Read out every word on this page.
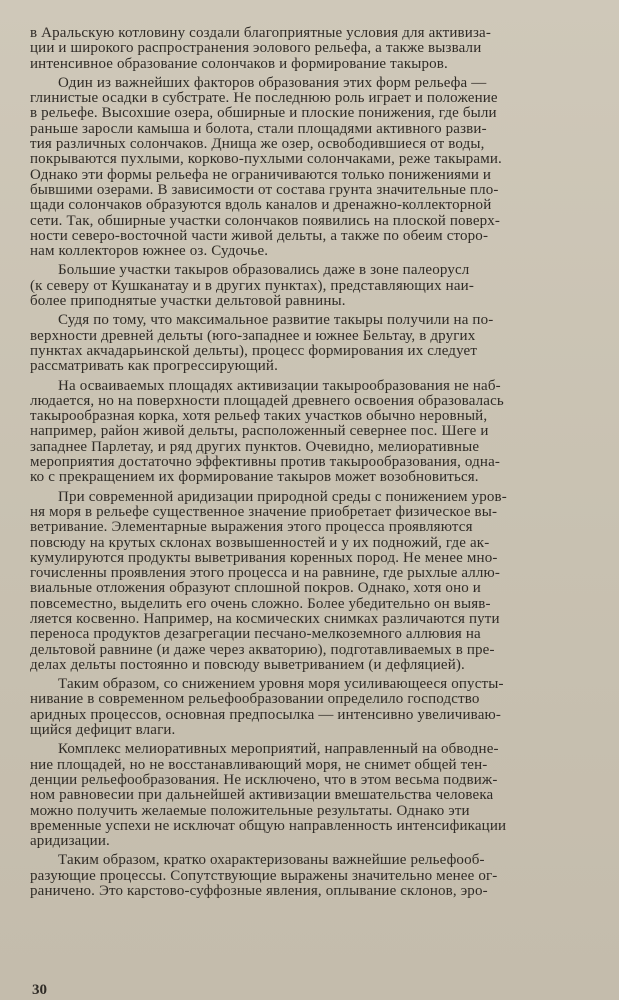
в Аральскую котловину создали благоприятные условия для активиза-
ции и широкого распространения эолового рельефа, а также вызвали
интенсивное образование солончаков и формирование такыров.
Один из важнейших факторов образования этих форм рельефа —
глинистые осадки в субстрате. Не последнюю роль играет и положение
в рельефе. Высохшие озера, обширные и плоские понижения, где были
раньше заросли камыша и болота, стали площадями активного разви-
тия различных солончаков. Днища же озер, освободившиеся от воды,
покрываются пухлыми, корково-пухлыми солончаками, реже такырами.
Однако эти формы рельефа не ограничиваются только понижениями и
бывшими озерами. В зависимости от состава грунта значительные пло-
щади солончаков образуются вдоль каналов и дренажно-коллекторной
сети. Так, обширные участки солончаков появились на плоской поверх-
ности северо-восточной части живой дельты, а также по обеим сторо-
нам коллекторов южнее оз. Судочье.
Большие участки такыров образовались даже в зоне палеорусл
(к северу от Кушканатау и в других пунктах), представляющих наи-
более приподнятые участки дельтовой равнины.
Судя по тому, что максимальное развитие такыры получили на по-
верхности древней дельты (юго-западнее и южнее Бельтау, в других
пунктах акчадарьинской дельты), процесс формирования их следует
рассматривать как прогрессирующий.
На осваиваемых площадях активизации такырообразования не наб-
людается, но на поверхности площадей древнего освоения образовалась
такырообразная корка, хотя рельеф таких участков обычно неровный,
например, район живой дельты, расположенный севернее пос. Шеге и
западнее Парлетау, и ряд других пунктов. Очевидно, мелиоративные
мероприятия достаточно эффективны против такырообразования, одна-
ко с прекращением их формирование такыров может возобновиться.
При современной аридизации природной среды с понижением уров-
ня моря в рельефе существенное значение приобретает физическое вы-
ветривание. Элементарные выражения этого процесса проявляются
повсюду на крутых склонах возвышенностей и у их подножий, где ак-
кумулируются продукты выветривания коренных пород. Не менее мно-
гочисленны проявления этого процесса и на равнине, где рыхлые аллю-
виальные отложения образуют сплошной покров. Однако, хотя оно и
повсеместно, выделить его очень сложно. Более убедительно он выяв-
ляется косвенно. Например, на космических снимках различаются пути
переноса продуктов дезагрегации песчано-мелкоземного аллювия на
дельтовой равнине (и даже через акваторию), подготавливаемых в пре-
делах дельты постоянно и повсюду выветриванием (и дефляцией).
Таким образом, со снижением уровня моря усиливающееся опусты-
нивание в современном рельефообразовании определило господство
аридных процессов, основная предпосылка — интенсивно увеличиваю-
щийся дефицит влаги.
Комплекс мелиоративных мероприятий, направленный на обводне-
ние площадей, но не восстанавливающий моря, не снимет общей тен-
денции рельефообразования. Не исключено, что в этом весьма подвиж-
ном равновесии при дальнейшей активизации вмешательства человека
можно получить желаемые положительные результаты. Однако эти
временные успехи не исключат общую направленность интенсификации
аридизации.
Таким образом, кратко охарактеризованы важнейшие рельефооб-
разующие процессы. Сопутствующие выражены значительно менее ог-
раничено. Это карстово-суффозные явления, оплывание склонов, эро-
30
